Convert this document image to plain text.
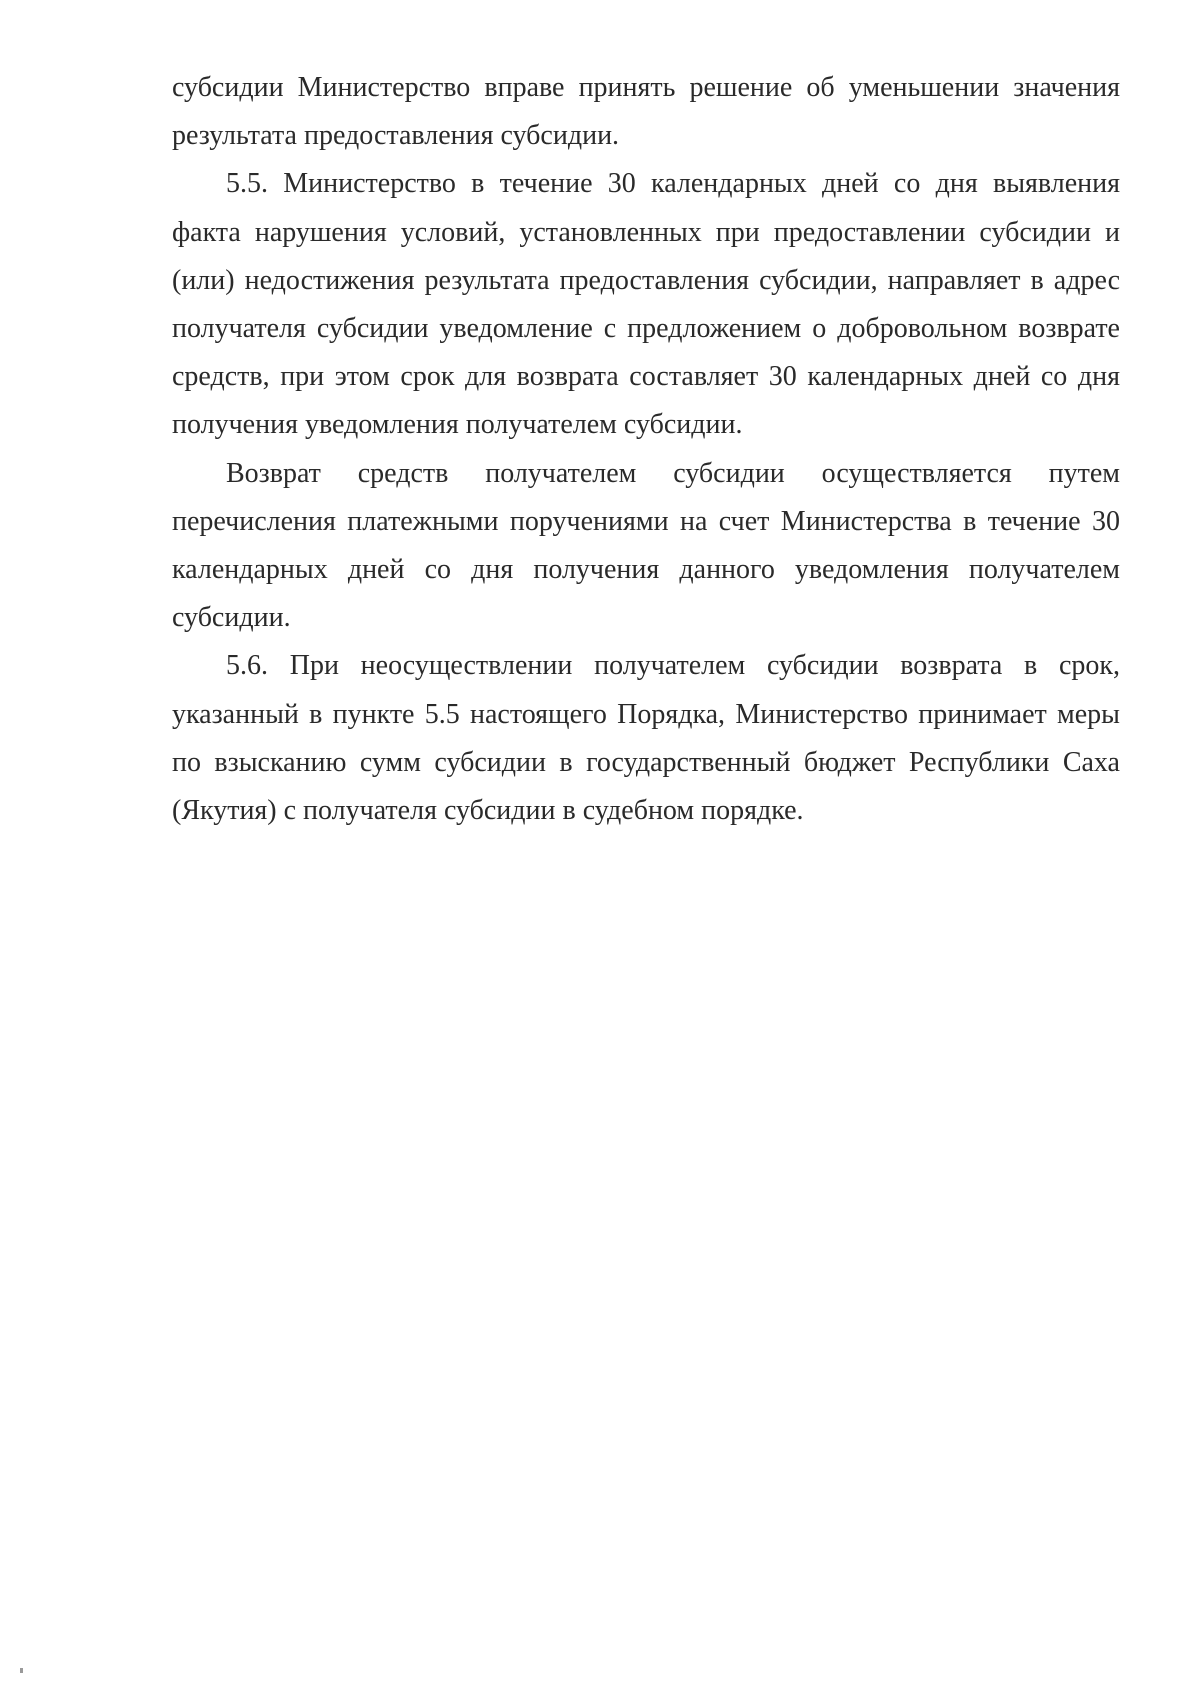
субсидии Министерство вправе принять решение об уменьшении значения результата предоставления субсидии.

5.5. Министерство в течение 30 календарных дней со дня выявления факта нарушения условий, установленных при предоставлении субсидии и (или) недостижения результата предоставления субсидии, направляет в адрес получателя субсидии уведомление с предложением о добровольном возврате средств, при этом срок для возврата составляет 30 календарных дней со дня получения уведомления получателем субсидии.

Возврат средств получателем субсидии осуществляется путем перечисления платежными поручениями на счет Министерства в течение 30 календарных дней со дня получения данного уведомления получателем субсидии.

5.6. При неосуществлении получателем субсидии возврата в срок, указанный в пункте 5.5 настоящего Порядка, Министерство принимает меры по взысканию сумм субсидии в государственный бюджет Республики Саха (Якутия) с получателя субсидии в судебном порядке.
